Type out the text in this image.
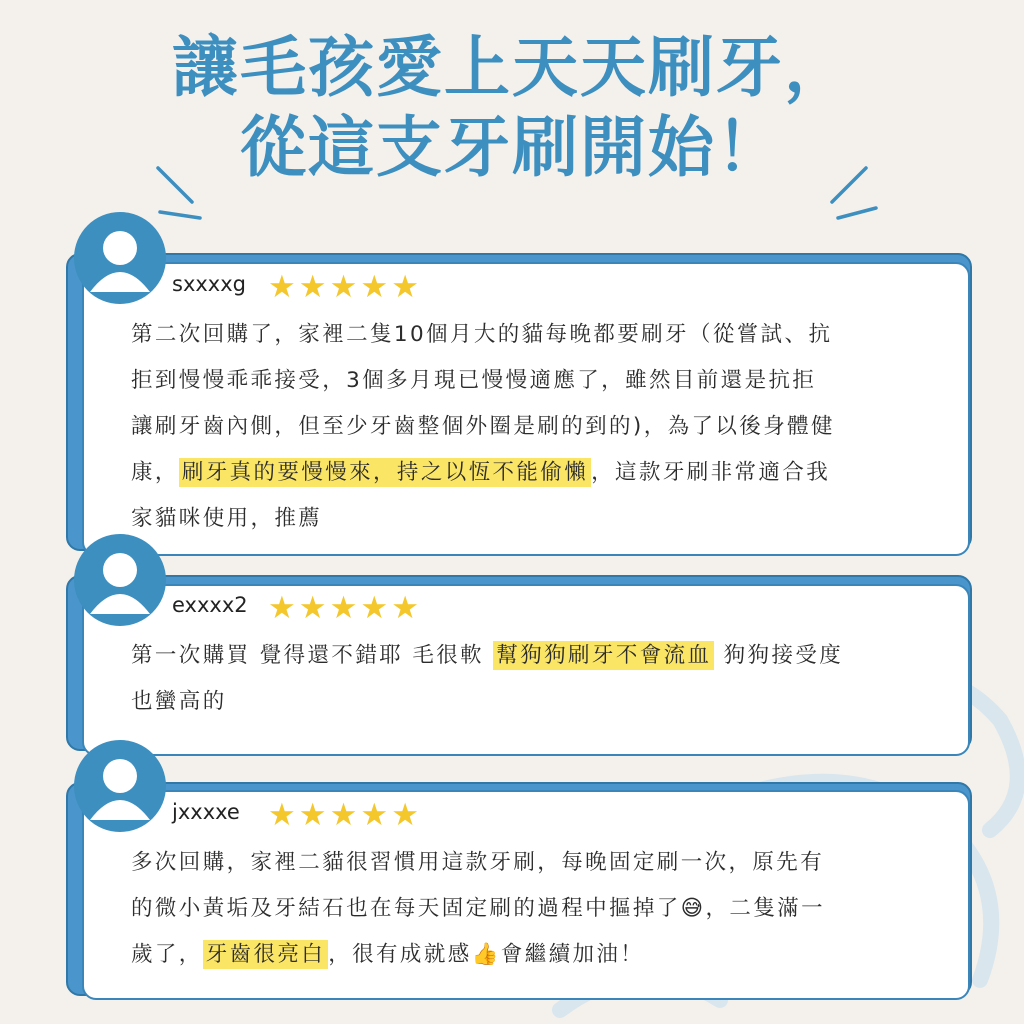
讓毛孩愛上天天刷牙，
從這支牙刷開始！
sxxxxg ★ ★ ★ ★ ★
第二次回購了，家裡二隻10個月大的貓每晚都要刷牙（從嘗試、抗
拒到慢慢乖乖接受，3個多月現已慢慢適應了，雖然目前還是抗拒
讓刷牙齒內側，但至少牙齒整個外圈是刷的到的)，為了以後身體健
康， 刷牙真的要慢慢來，持之以恆不能偷懶 ，這款牙刷非常適合我
家貓咪使用，推薦
exxxx2 ★ ★ ★ ★ ★
第一次購買 覺得還不錯耶 毛很軟 幫狗狗刷牙不會流血 狗狗接受度
也蠻高的
jxxxxe ★ ★ ★ ★ ★
多次回購，家裡二貓很習慣用這款牙刷，每晚固定刷一次，原先有
的微小黃垢及牙結石也在每天固定刷的過程中摳掉了😅，二隻滿一
歲了， 牙齒很亮白 ，很有成就感👍會繼續加油！
